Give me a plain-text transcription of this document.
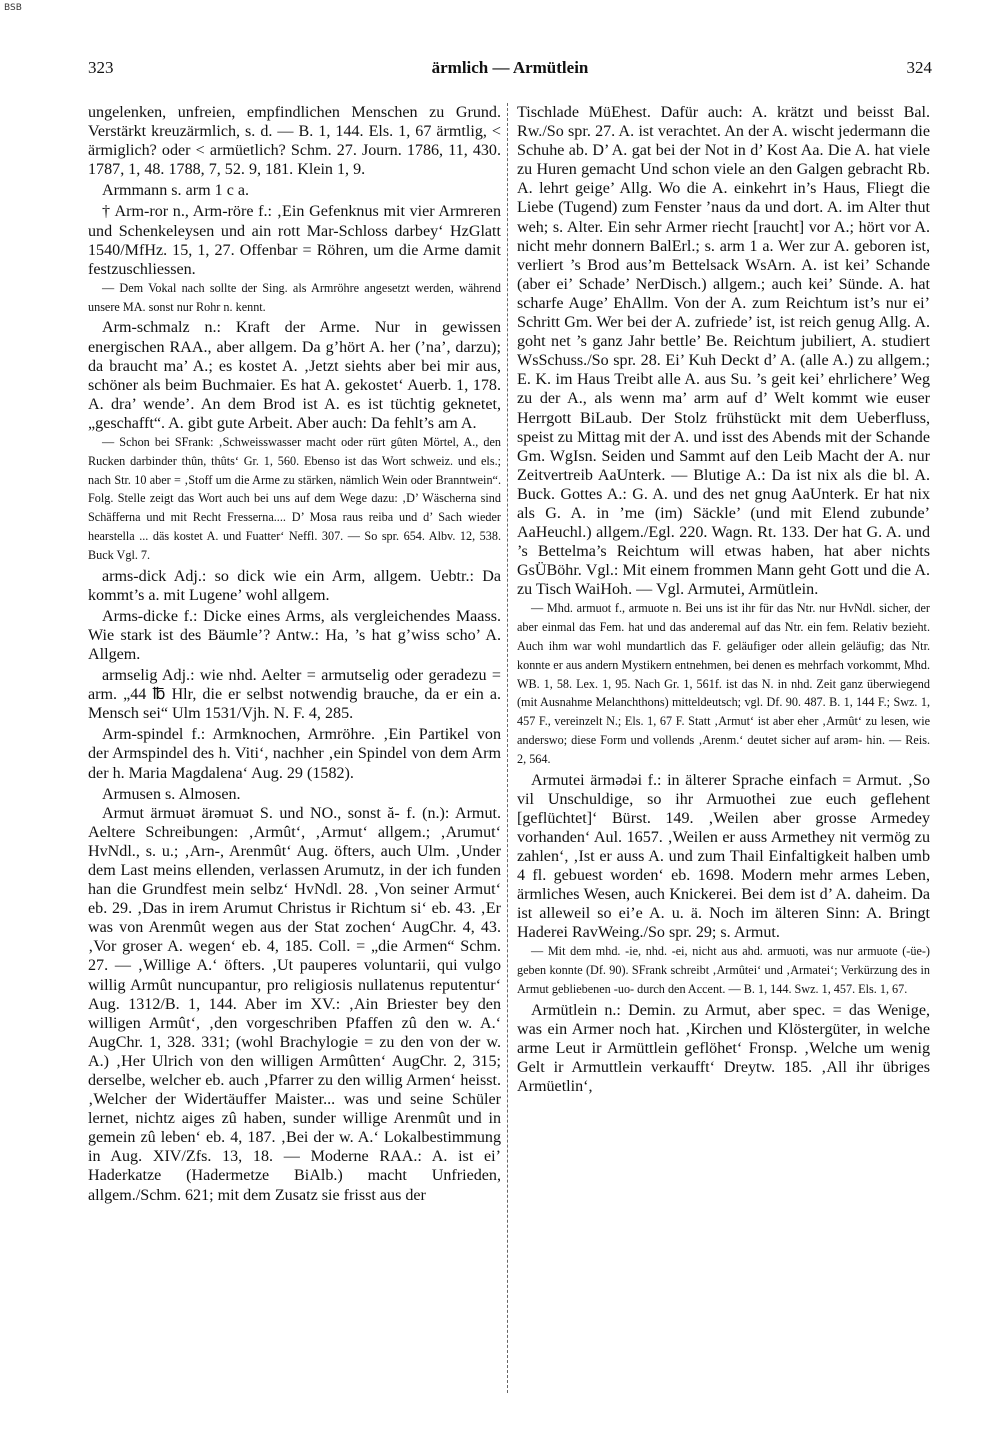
BSB
323	ärmlich — Armütlein	324

ungelenken, unfreien, empfindlichen Menschen zu Grund. Verstärkt kreuzärmlich, s. d. — B. 1, 144. Els. 1, 67 ärmtlig, < ärmiglich? oder < armüetlich? Schm. 27. Journ. 1786, 11, 430. 1787, 1, 48. 1788, 7, 52. 9, 181. Klein 1, 9.

Armmann s. arm 1 c a.

† Arm-ror n., Arm-röre f.: ‚Ein Gefenknus mit vier Armreren und Schenkeleysen und ain rott Mar-Schloss darbey‘ HzGlatt 1540/MfHz. 15, 1, 27. Offenbar = Röhren, um die Arme damit festzuschliessen.

— Dem Vokal nach sollte der Sing. als Armröhre angesetzt werden, während unsere MA. sonst nur Rohr n. kennt.

Arm-schmalz n.: Kraft der Arme. Nur in gewissen energischen RAA., aber allgem. Da g’hört A. her (’na’, darzu); da braucht ma’ A.; es kostet A. ‚Jetzt siehts aber bei mir aus, schöner als beim Buchmaier. Es hat A. gekostet‘ Auerb. 1, 178. A. dra’ wende’. An dem Brod ist A. es ist tüchtig geknetet, „geschafft“. A. gibt gute Arbeit. Aber auch: Da fehlt’s am A.

— Schon bei SFrank: ‚Schweisswasser macht oder rürt gûten Mörtel, A., den Rucken darbinder thûn, thûts‘ Gr. 1, 560. Ebenso ist das Wort schweiz. und els.; nach Str. 10 aber = ‚Stoff um die Arme zu stärken, nämlich Wein oder Branntwein“. Folg. Stelle zeigt das Wort auch bei uns auf dem Wege dazu: ‚D’ Wäscherna sind Schäfferna und mit Recht Fresserna.... D’ Mosa raus reiba und d’ Sach wieder hearstella ... däs kostet A. und Fuatter‘ Neffl. 307. — So spr. 654. Albv. 12, 538. Buck Vgl. 7.

arms-dick Adj.: so dick wie ein Arm, allgem. Uebtr.: Da kommt’s a. mit Lugene’ wohl allgem.

Arms-dicke f.: Dicke eines Arms, als vergleichendes Maass. Wie stark ist des Bäumle’? Antw.: Ha, ’s hat g’wiss scho’ A. Allgem.

armselig Adj.: wie nhd. Aelter = armutselig oder geradezu = arm. „44 ℔ Hlr, die er selbst notwendig brauche, da er ein a. Mensch sei“ Ulm 1531/Vjh. N. F. 4, 285.

Arm-spindel f.: Armknochen, Armröhre. ‚Ein Partikel von der Armspindel des h. Viti‘, nachher ‚ein Spindel von dem Arm der h. Maria Magdalena‘ Aug. 29 (1582).

Armusen s. Almosen.

Armut ärmuət ärəmuət S. und NO., sonst ă- f. (n.): Armut. Aeltere Schreibungen: ‚Armût‘, ‚Armut‘ allgem.; ‚Arumut‘ HvNdl., s. u.; ‚Arn-, Arenmût‘ Aug. öfters, auch Ulm. ‚Under dem Last meins ellenden, verlassen Arumutz, in der ich funden han die Grundfest mein selbz‘ HvNdl. 28. ‚Von seiner Armut‘ eb. 29. ‚Das in irem Arumut Christus ir Richtum si‘ eb. 43. ‚Er was von Arenmût wegen aus der Stat zochen‘ AugChr. 4, 43. ‚Vor groser A. wegen‘ eb. 4, 185. Coll. = „die Armen“ Schm. 27. — ‚Willige A.‘ öfters. ‚Ut pauperes voluntarii, qui vulgo willig Armût nuncupantur, pro religiosis nullatenus reputentur‘ Aug. 1312/B. 1, 144. Aber im XV.: ‚Ain Briester bey den willigen Armût‘, ‚den vorgeschriben Pfaffen zû den w. A.‘ AugChr. 1, 328. 331; (wohl Brachylogie = zu den von der w. A.) ‚Her Ulrich von den willigen Armûtten‘ AugChr. 2, 315; derselbe, welcher eb. auch ‚Pfarrer zu den willig Armen‘ heisst. ‚Welcher der Widertäuffer Maister... was und seine Schüler lernet, nichtz aiges zû haben, sunder willige Arenmût und in gemein zû leben‘ eb. 4, 187. ‚Bei der w. A.‘ Lokalbestimmung in Aug. XIV/Zfs. 13, 18. — Moderne RAA.: A. ist ei’ Haderkatze (Hadermetze BiAlb.) macht Unfrieden, allgem./Schm. 621; mit dem Zusatz sie frisst aus der

Tischlade MüEhest. Dafür auch: A. krätzt und beisst Bal. Rw./So spr. 27. A. ist verachtet. An der A. wischt jedermann die Schuhe ab. D’ A. gat bei der Not in d’ Kost Aa. Die A. hat viele zu Huren gemacht Und schon viele an den Galgen gebracht Rb. A. lehrt geige’ Allg. Wo die A. einkehrt in’s Haus, Fliegt die Liebe (Tugend) zum Fenster ’naus da und dort. A. im Alter thut weh; s. Alter. Ein sehr Armer riecht [raucht] vor A.; hört vor A. nicht mehr donnern BalErl.; s. arm 1 a. Wer zur A. geboren ist, verliert ’s Brod aus’m Bettelsack WsArn. A. ist kei’ Schande (aber ei’ Schade’ NerDisch.) allgem.; auch kei’ Sünde. A. hat scharfe Auge’ EhAllm. Von der A. zum Reichtum ist’s nur ei’ Schritt Gm. Wer bei der A. zufriede’ ist, ist reich genug Allg. A. goht net ’s ganz Jahr bettle’ Be. Reichtum jubiliert, A. studiert WsSchuss./So spr. 28. Ei’ Kuh Deckt d’ A. (alle A.) zu allgem.; E. K. im Haus Treibt alle A. aus Su. ’s geit kei’ ehrlichere’ Weg zu der A., als wenn ma’ arm auf d’ Welt kommt wie euser Herrgott BiLaub. Der Stolz frühstückt mit dem Ueberfluss, speist zu Mittag mit der A. und isst des Abends mit der Schande Gm. WgIsn. Seiden und Sammt auf den Leib Macht der A. nur Zeitvertreib AaUnterk. — Blutige A.: Da ist nix als die bl. A. Buck. Gottes A.: G. A. und des net gnug AaUnterk. Er hat nix als G. A. in ’me (im) Säckle’ (und mit Elend zubunde’ AaHeuchl.) allgem./Egl. 220. Wagn. Rt. 133. Der hat G. A. und ’s Bettelma’s Reichtum will etwas haben, hat aber nichts GsÜBöhr. Vgl.: Mit einem frommen Mann geht Gott und die A. zu Tisch WaiHoh. — Vgl. Armutei, Armütlein.

— Mhd. armuot f., armuote n. Bei uns ist ihr für das Ntr. nur HvNdl. sicher, der aber einmal das Fem. hat und das anderemal auf das Ntr. ein fem. Relativ bezieht. Auch ihm war wohl mundartlich das F. geläufiger oder allein geläufig; das Ntr. konnte er aus andern Mystikern entnehmen, bei denen es mehrfach vorkommt, Mhd. WB. 1, 58. Lex. 1, 95. Nach Gr. 1, 561f. ist das N. in nhd. Zeit ganz überwiegend (mit Ausnahme Melanchthons) mitteldeutsch; vgl. Df. 90. 487. B. 1, 144 F.; Swz. 1, 457 F., vereinzelt N.; Els. 1, 67 F. Statt ‚Armut‘ ist aber eher ‚Armût‘ zu lesen, wie anderswo; diese Form und vollends ‚Arenm.‘ deutet sicher auf arəm- hin. — Reis. 2, 564.

Armutei ärmədəi f.: in älterer Sprache einfach = Armut. ‚So vil Unschuldige, so ihr Armuothei zue euch geflehent [geflüchtet]‘ Bürst. 149. ‚Weilen aber grosse Armedey vorhanden‘ Aul. 1657. ‚Weilen er auss Armethey nit vermög zu zahlen‘, ‚Ist er auss A. und zum Thail Einfaltigkeit halben umb 4 fl. gebuest worden‘ eb. 1698. Modern mehr armes Leben, ärmliches Wesen, auch Knickerei. Bei dem ist d’ A. daheim. Da ist alleweil so ei’e A. u. ä. Noch im älteren Sinn: A. Bringt Haderei RavWeing./So spr. 29; s. Armut.

— Mit dem mhd. -ie, nhd. -ei, nicht aus ahd. armuoti, was nur armuote (-üe-) geben konnte (Df. 90). SFrank schreibt ‚Armûtei‘ und ‚Armatei‘; Verkürzung des in Armut gebliebenen -uo- durch den Accent. — B. 1, 144. Swz. 1, 457. Els. 1, 67.

Armütlein n.: Demin. zu Armut, aber spec. = das Wenige, was ein Armer noch hat. ‚Kirchen und Klöstergüter, in welche arme Leut ir Armüttlein geflöhet‘ Fronsp. ‚Welche um wenig Gelt ir Armuttlein verkaufft‘ Dreytw. 185. ‚All ihr übriges Armüetlin‘,
